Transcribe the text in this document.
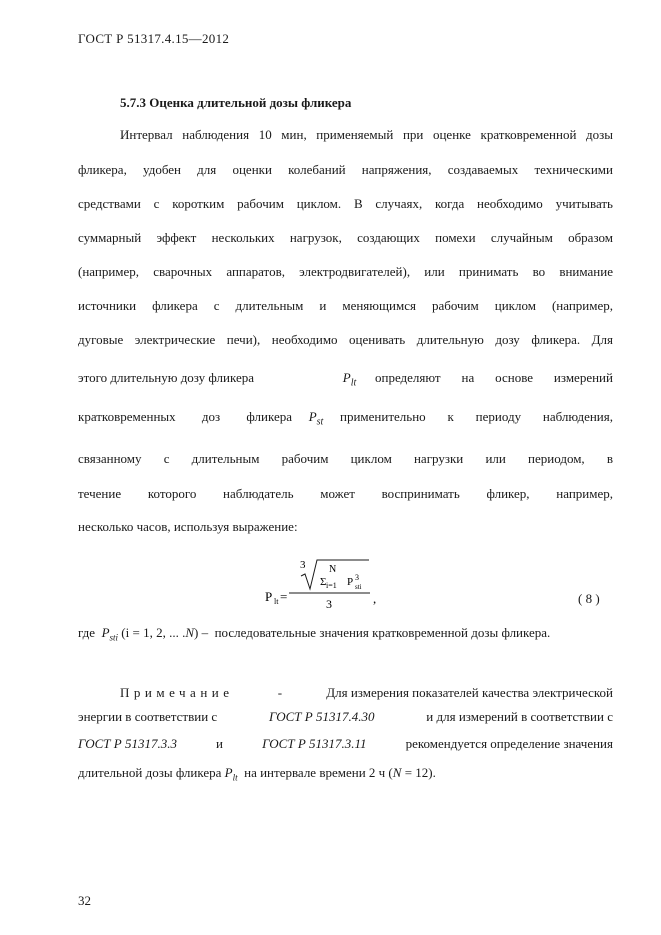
ГОСТ Р 51317.4.15—2012
5.7.3 Оценка длительной дозы фликера
Интервал наблюдения 10 мин, применяемый при оценке кратковременной дозы
фликера, удобен для оценки колебаний напряжения, создаваемых техническими
средствами с коротким рабочим циклом. В случаях, когда необходимо учитывать
суммарный эффект нескольких нагрузок, создающих помехи случайным образом
(например, сварочных аппаратов, электродвигателей), или принимать во внимание
источники фликера с длительным и меняющимся рабочим циклом (например,
дуговые электрические печи), необходимо оценивать длительную дозу фликера. Для
этого длительную дозу фликера	$P_{lt}$ определяют на основе измерений
кратковременных доз фликера $P_{st}$ применительно к периоду наблюдения,
связанному с длительным рабочим циклом нагрузки или периодом, в
течение которого наблюдатель может воспринимать фликер, например,
несколько часов, используя выражение:
P lt =
3
Σ i=1
N
P 3
sti
3	,	( 8 )
где $P_{sti}$ (i = 1, 2, ... .N) – последовательные значения кратковременной дозы фликера.
Примечание	-	Для измерения показателей качества электрической
энергии в соответствии с	ГОСТ Р 51317.4.30	и для измерений в соответствии с
ГОСТ Р 51317.3.3	и	ГОСТ Р 51317.3.11	рекомендуется определение значения
длительной дозы фликера $P_{lt}$ на интервале времени 2 ч (N = 12).
32
